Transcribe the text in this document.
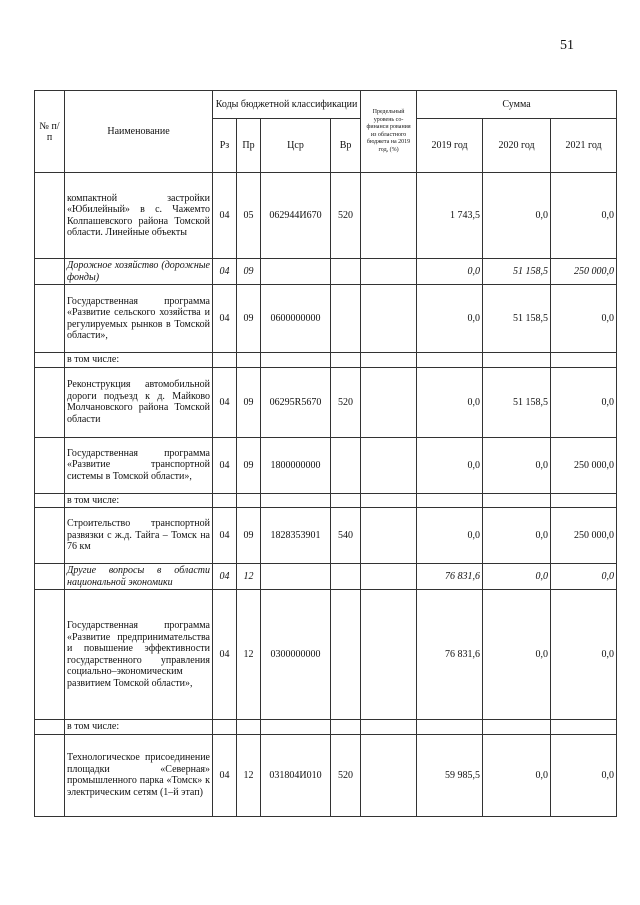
51
№ п/п	Наименование	Коды бюджетной классификации				Предельный уровень со-финанси рования из областного бюджета на 2019 год, (%)	Сумма		
		Рз	Пр	Цср	Вр		2019 год	2020 год	2021 год
	компактной застройки «Юбилейный» в с. Чажемто Колпашевского района Томской области. Линейные объекты	04	05	062944И670	520		1 743,5	0,0	0,0
	Дорожное хозяйство (дорожные фонды)	04	09				0,0	51 158,5	250 000,0
	Государственная программа «Развитие сельского хозяйства и регулируемых рынков в Томской области»,	04	09	0600000000			0,0	51 158,5	0,0
	в том числе:								
	Реконструкция автомобильной дороги подъезд к д. Майково Молчановского района Томской области	04	09	06295R5670	520		0,0	51 158,5	0,0
	Государственная программа «Развитие транспортной системы в Томской области»,	04	09	1800000000			0,0	0,0	250 000,0
	в том числе:								
	Строительство транспортной развязки с ж.д. Тайга – Томск на 76 км	04	09	1828353901	540		0,0	0,0	250 000,0
	Другие вопросы в области национальной экономики	04	12				76 831,6	0,0	0,0
	Государственная программа «Развитие предпринимательства и повышение эффективности государственного управления социально–экономическим развитием Томской области»,	04	12	0300000000			76 831,6	0,0	0,0
	в том числе:								
	Технологическое присоединение площадки «Северная» промышленного парка «Томск» к электрическим сетям (1–й этап)	04	12	031804И010	520		59 985,5	0,0	0,0
